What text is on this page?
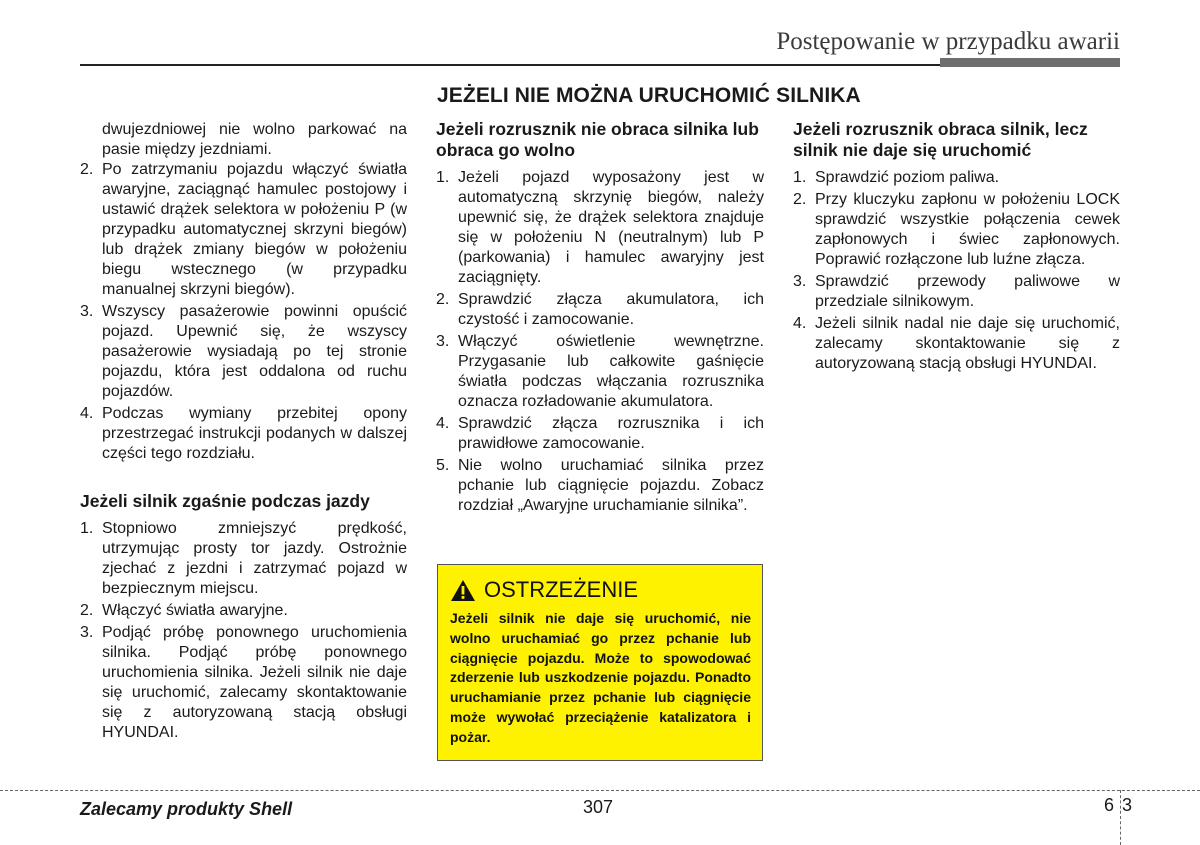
Postępowanie w przypadku awarii
JEŻELI NIE MOŻNA URUCHOMIĆ SILNIKA

dwujezdniowej nie wolno parkować na pasie między jezdniami.

2. Po zatrzymaniu pojazdu włączyć światła awaryjne, zaciągnąć hamulec postojowy i ustawić drążek selektora w położeniu P (w przypadku automatycznej skrzyni biegów) lub drążek zmiany biegów w położeniu biegu wstecznego (w przypadku manualnej skrzyni biegów).
3. Wszyscy pasażerowie powinni opuścić pojazd. Upewnić się, że wszyscy pasażerowie wysiadają po tej stronie pojazdu, która jest oddalona od ruchu pojazdów.
4. Podczas wymiany przebitej opony przestrzegać instrukcji podanych w dalszej części tego rozdziału.
Jeżeli silnik zgaśnie podczas jazdy
1. Stopniowo zmniejszyć prędkość, utrzymując prosty tor jazdy. Ostrożnie zjechać z jezdni i zatrzymać pojazd w bezpiecznym miejscu.
2. Włączyć światła awaryjne.
3. Podjąć próbę ponownego uruchomienia silnika. Podjąć próbę ponownego uruchomienia silnika. Jeżeli silnik nie daje się uruchomić, zalecamy skontaktowanie się z autoryzowaną stacją obsługi HYUNDAI.
Jeżeli rozrusznik nie obraca silnika lub obraca go wolno
1. Jeżeli pojazd wyposażony jest w automatyczną skrzynię biegów, należy upewnić się, że drążek selektora znajduje się w położeniu N (neutralnym) lub P (parkowania) i hamulec awaryjny jest zaciągnięty.
2. Sprawdzić złącza akumulatora, ich czystość i zamocowanie.
3. Włączyć oświetlenie wewnętrzne. Przygasanie lub całkowite gaśnięcie światła podczas włączania rozrusznika oznacza rozładowanie akumulatora.
4. Sprawdzić złącza rozrusznika i ich prawidłowe zamocowanie.
5. Nie wolno uruchamiać silnika przez pchanie lub ciągnięcie pojazdu. Zobacz rozdział „Awaryjne uruchamianie silnika”.
OSTRZEŻENIE
Jeżeli silnik nie daje się uruchomić, nie wolno uruchamiać go przez pchanie lub ciągnięcie pojazdu. Może to spowodować zderzenie lub uszkodzenie pojazdu. Ponadto uruchamianie przez pchanie lub ciągnięcie może wywołać przeciążenie katalizatora i pożar.
Jeżeli rozrusznik obraca silnik, lecz silnik nie daje się uruchomić
1. Sprawdzić poziom paliwa.
2. Przy kluczyku zapłonu w położeniu LOCK sprawdzić wszystkie połączenia cewek zapłonowych i świec zapłonowych. Poprawić rozłączone lub luźne złącza.
3. Sprawdzić przewody paliwowe w przedziale silnikowym.
4. Jeżeli silnik nadal nie daje się uruchomić, zalecamy skontaktowanie się z autoryzowaną stacją obsługi HYUNDAI.
Zalecamy produkty Shell	307	6 3
